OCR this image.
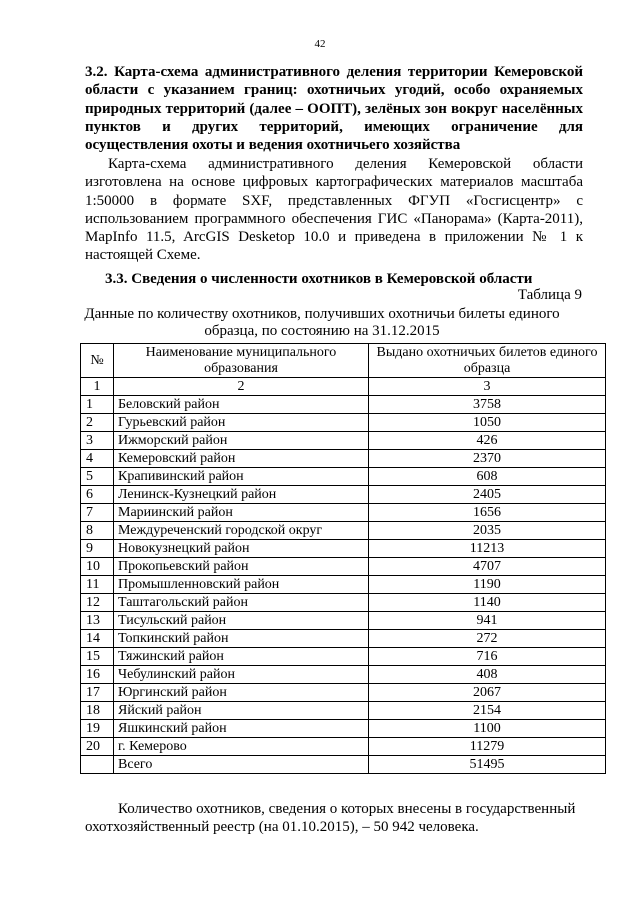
42
3.2. Карта-схема административного деления территории Кемеровской области с указанием границ: охотничьих угодий, особо охраняемых природных территорий (далее – ООПТ), зелёных зон вокруг населённых пунктов и других территорий, имеющих ограничение для осуществления охоты и ведения охотничьего хозяйства
Карта-схема административного деления Кемеровской области изготовлена на основе цифровых картографических материалов масштаба 1:50000 в формате SXF, представленных ФГУП «Госгисцентр» с использованием программного обеспечения ГИС «Панорама» (Карта-2011), MapInfo 11.5, ArcGIS Desketop 10.0 и приведена в приложении № 1 к настоящей Схеме.
3.3. Сведения о численности охотников в Кемеровской области
Таблица 9
Данные по количеству охотников, получивших охотничьи билеты единого
образца, по состоянию на 31.12.2015
№	Наименование муниципального образования	Выдано охотничьих билетов единого образца
1	2	3
1	Беловский район	3758
2	Гурьевский район	1050
3	Ижморский район	426
4	Кемеровский район	2370
5	Крапивинский район	608
6	Ленинск-Кузнецкий район	2405
7	Мариинский район	1656
8	Междуреченский городской округ	2035
9	Новокузнецкий район	11213
10	Прокопьевский район	4707
11	Промышленновский район	1190
12	Таштагольский район	1140
13	Тисульский район	941
14	Топкинский район	272
15	Тяжинский район	716
16	Чебулинский район	408
17	Юргинский район	2067
18	Яйский район	2154
19	Яшкинский район	1100
20	г. Кемерово	11279
	Всего	51495
Количество охотников, сведения о которых внесены в государственный охотхозяйственный реестр (на 01.10.2015), – 50 942 человека.
